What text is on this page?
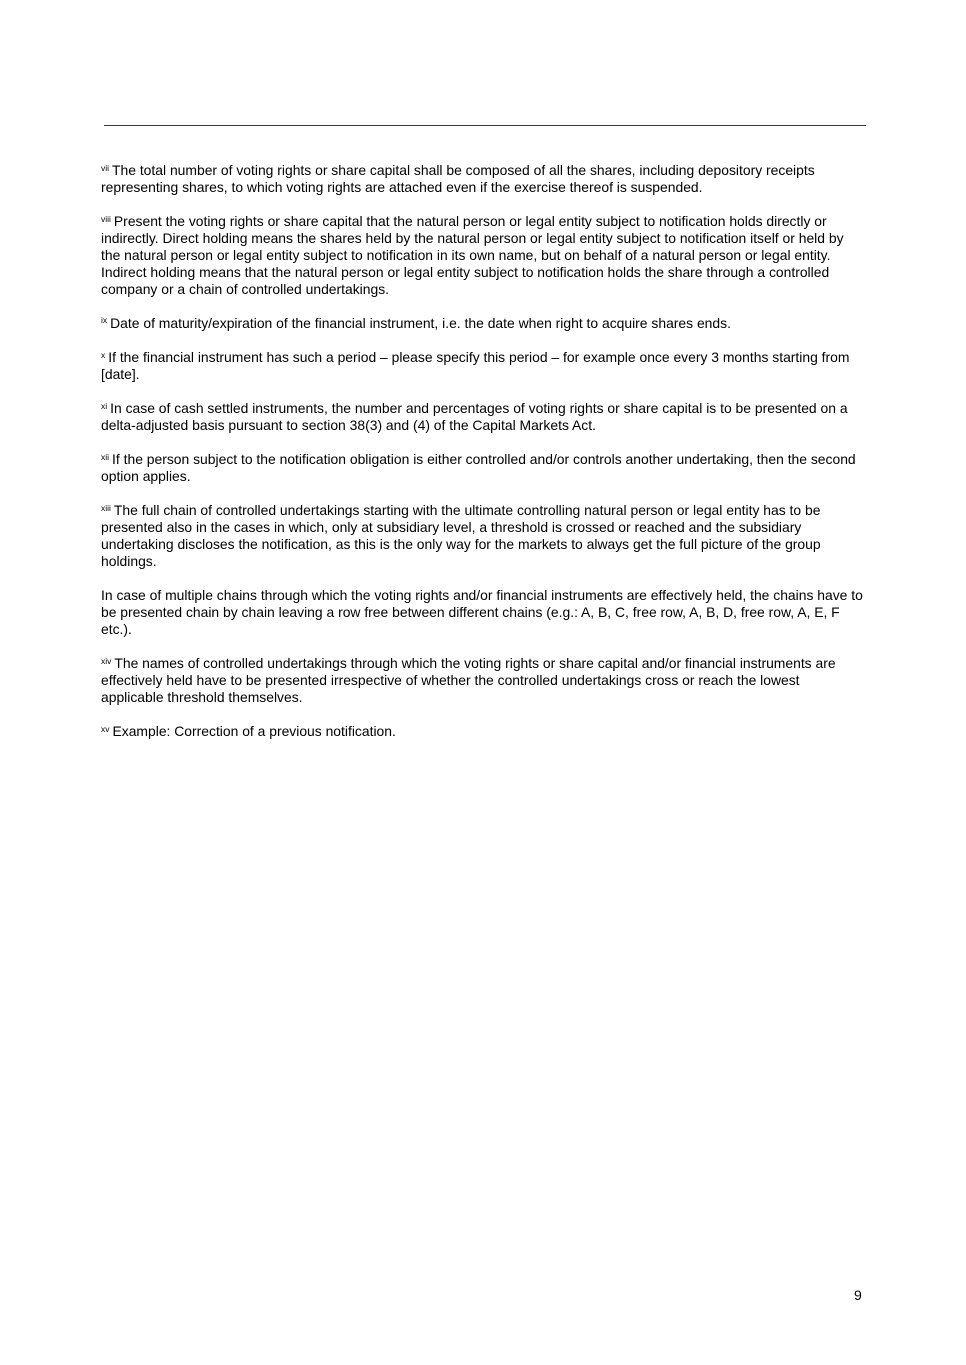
$^{vii}$ The total number of voting rights or share capital shall be composed of all the shares, including depository receipts representing shares, to which voting rights are attached even if the exercise thereof is suspended.

$^{viii}$ Present the voting rights or share capital that the natural person or legal entity subject to notification holds directly or indirectly. Direct holding means the shares held by the natural person or legal entity subject to notification itself or held by the natural person or legal entity subject to notification in its own name, but on behalf of a natural person or legal entity. Indirect holding means that the natural person or legal entity subject to notification holds the share through a controlled company or a chain of controlled undertakings.

$^{ix}$ Date of maturity/expiration of the financial instrument, i.e. the date when right to acquire shares ends.

$^x$ If the financial instrument has such a period – please specify this period – for example once every 3 months starting from [date].

$^{xi}$ In case of cash settled instruments, the number and percentages of voting rights or share capital is to be presented on a delta-adjusted basis pursuant to section 38(3) and (4) of the Capital Markets Act.

$^{xii}$ If the person subject to the notification obligation is either controlled and/or controls another undertaking, then the second option applies.

$^{xiii}$ The full chain of controlled undertakings starting with the ultimate controlling natural person or legal entity has to be presented also in the cases in which, only at subsidiary level, a threshold is crossed or reached and the subsidiary undertaking discloses the notification, as this is the only way for the markets to always get the full picture of the group holdings.

In case of multiple chains through which the voting rights and/or financial instruments are effectively held, the chains have to be presented chain by chain leaving a row free between different chains (e.g.: A, B, C, free row, A, B, D, free row, A, E, F etc.).

$^{xiv}$ The names of controlled undertakings through which the voting rights or share capital and/or financial instruments are effectively held have to be presented irrespective of whether the controlled undertakings cross or reach the lowest applicable threshold themselves.

$^{xv}$ Example: Correction of a previous notification.

9
